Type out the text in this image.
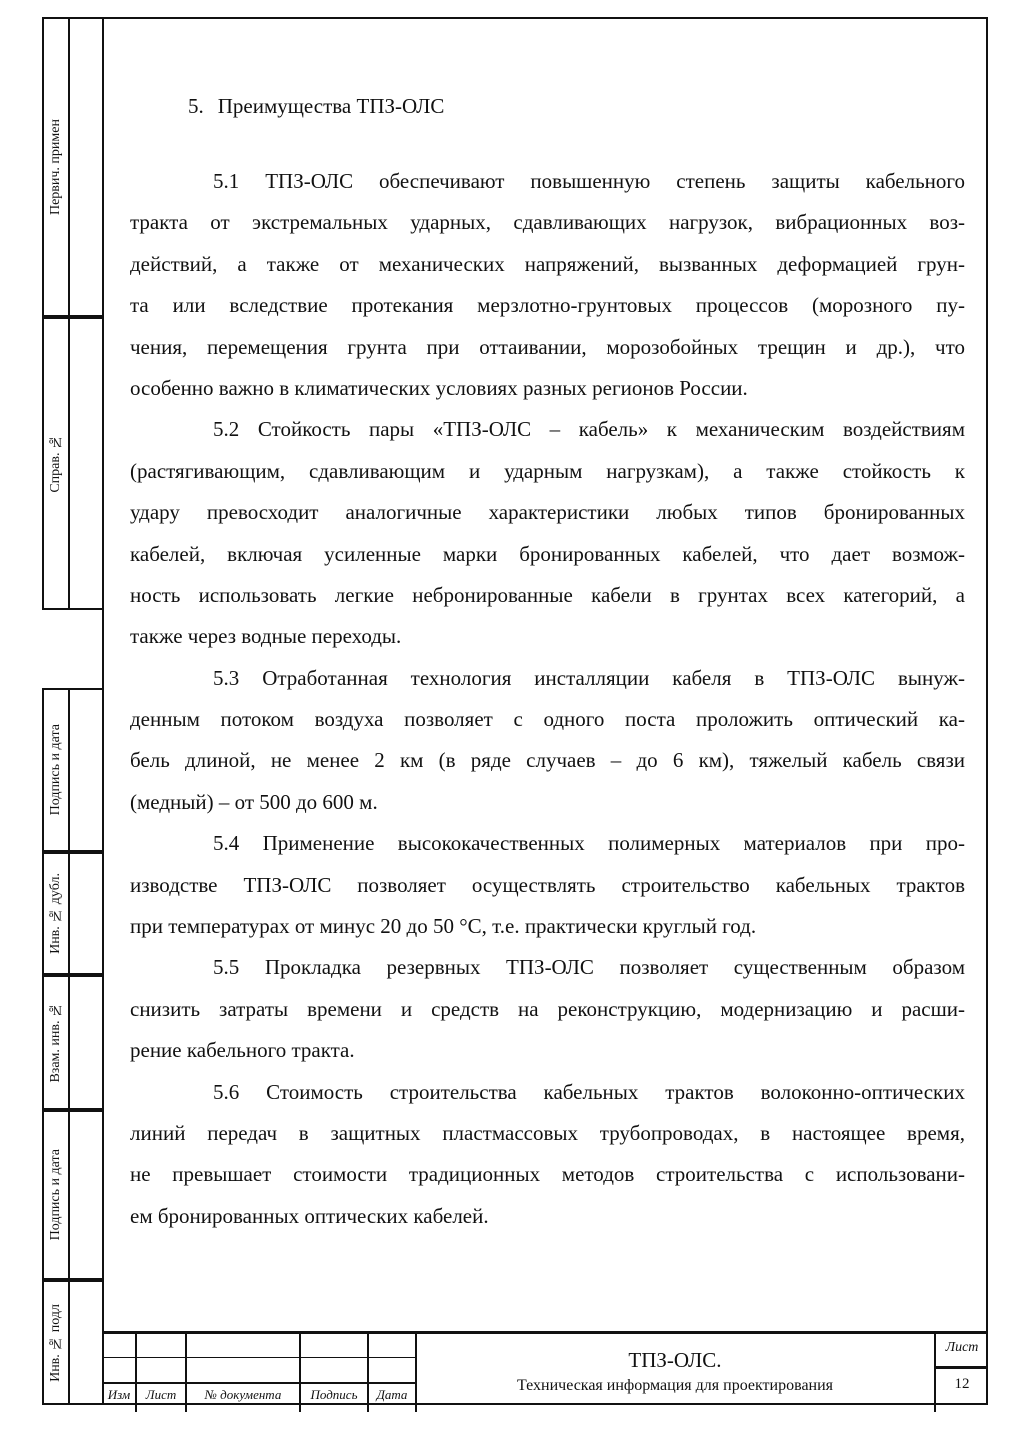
Первич. примен
Справ. №
Подпись и дата
Инв. № дубл.
Взам. инв. №
Подпись и дата
Инв. № подл
5. Преимущества ТПЗ-ОЛС
5.1 ТПЗ-ОЛС обеспечивают повышенную степень защиты кабельного
тракта от экстремальных ударных, сдавливающих нагрузок, вибрационных воз-
действий, а также от механических напряжений, вызванных деформацией грун-
та или вследствие протекания мерзлотно-грунтовых процессов (морозного пу-
чения, перемещения грунта при оттаивании, морозобойных трещин и др.), что
особенно важно в климатических условиях разных регионов России.
5.2 Стойкость пары «ТПЗ-ОЛС – кабель» к механическим воздействиям
(растягивающим, сдавливающим и ударным нагрузкам), а также стойкость к
удару превосходит аналогичные характеристики любых типов бронированных
кабелей, включая усиленные марки бронированных кабелей, что дает возмож-
ность использовать легкие небронированные кабели в грунтах всех категорий, а
также через водные переходы.
5.3 Отработанная технология инсталляции кабеля в ТПЗ-ОЛС вынуж-
денным потоком воздуха позволяет с одного поста проложить оптический ка-
бель длиной, не менее 2 км (в ряде случаев – до 6 км), тяжелый кабель связи
(медный) – от 500 до 600 м.
5.4 Применение высококачественных полимерных материалов при про-
изводстве ТПЗ-ОЛС позволяет осуществлять строительство кабельных трактов
при температурах от минус 20 до 50 °С, т.е. практически круглый год.
5.5 Прокладка резервных ТПЗ-ОЛС позволяет существенным образом
снизить затраты времени и средств на реконструкцию, модернизацию и расши-
рение кабельного тракта.
5.6 Стоимость строительства кабельных трактов волоконно-оптических
линий передач в защитных пластмассовых трубопроводах, в настоящее время,
не превышает стоимости традиционных методов строительства с использовани-
ем бронированных оптических кабелей.
Изм	Лист	№ документа	Подпись	Дата
ТПЗ-ОЛС.
Техническая информация для проектирования
Лист
12
